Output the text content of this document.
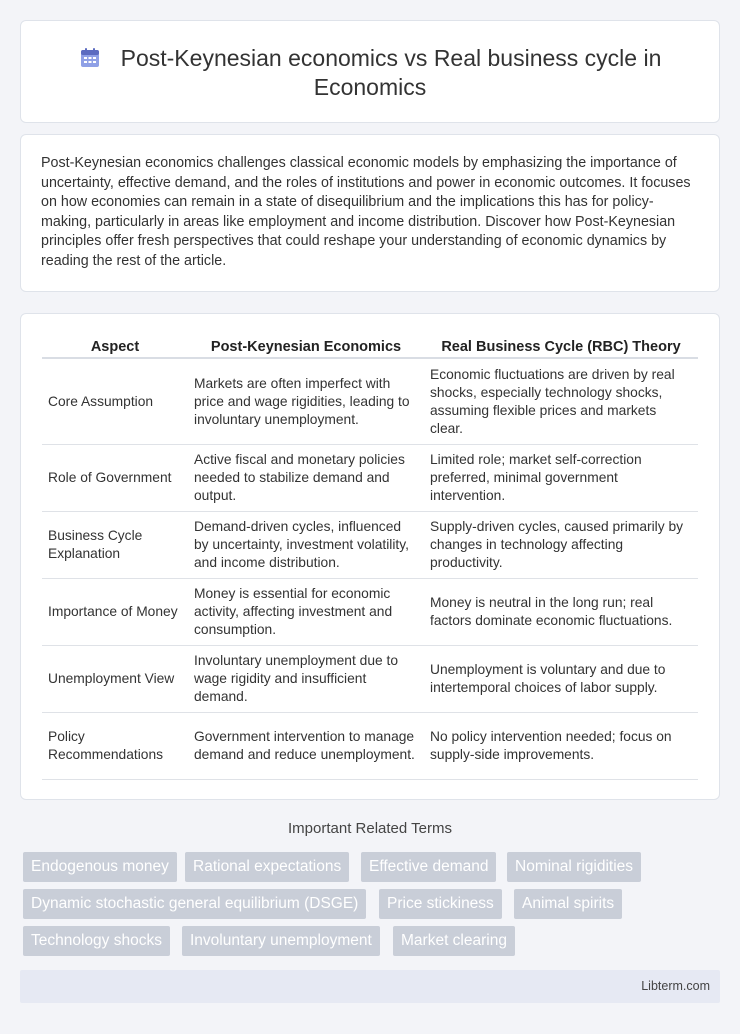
Post-Keynesian economics vs Real business cycle in Economics

Post-Keynesian economics challenges classical economic models by emphasizing the importance of uncertainty, effective demand, and the roles of institutions and power in economic outcomes. It focuses on how economies can remain in a state of disequilibrium and the implications this has for policy-making, particularly in areas like employment and income distribution. Discover how Post-Keynesian principles offer fresh perspectives that could reshape your understanding of economic dynamics by reading the rest of the article.

Aspect	Post-Keynesian Economics	Real Business Cycle (RBC) Theory
Core Assumption	Markets are often imperfect with price and wage rigidities, leading to involuntary unemployment.	Economic fluctuations are driven by real shocks, especially technology shocks, assuming flexible prices and markets clear.
Role of Government	Active fiscal and monetary policies needed to stabilize demand and output.	Limited role; market self-correction preferred, minimal government intervention.
Business Cycle Explanation	Demand-driven cycles, influenced by uncertainty, investment volatility, and income distribution.	Supply-driven cycles, caused primarily by changes in technology affecting productivity.
Importance of Money	Money is essential for economic activity, affecting investment and consumption.	Money is neutral in the long run; real factors dominate economic fluctuations.
Unemployment View	Involuntary unemployment due to wage rigidity and insufficient demand.	Unemployment is voluntary and due to intertemporal choices of labor supply.
Policy Recommendations	Government intervention to manage demand and reduce unemployment.	No policy intervention needed; focus on supply-side improvements.
Important Related Terms
Endogenous money	Rational expectations	Effective demand	Nominal rigidities
Dynamic stochastic general equilibrium (DSGE)	Price stickiness	Animal spirits
Technology shocks	Involuntary unemployment	Market clearing
Libterm.com
